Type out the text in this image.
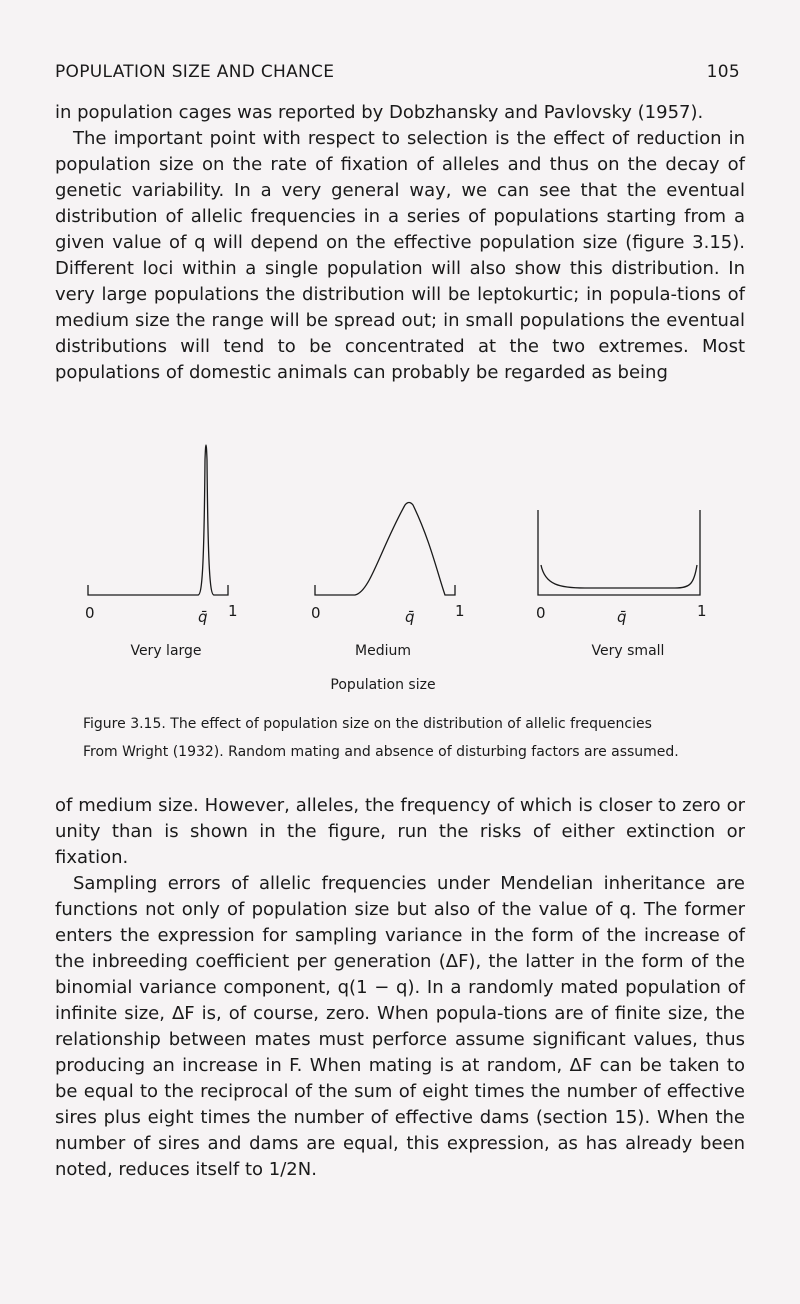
POPULATION SIZE AND CHANCE	105

in population cages was reported by Dobzhansky and Pavlovsky (1957).

The important point with respect to selection is the effect of reduction in population size on the rate of fixation of alleles and thus on the decay of genetic variability. In a very general way, we can see that the eventual distribution of allelic frequencies in a series of populations starting from a given value of q will depend on the effective population size (figure 3.15). Different loci within a single population will also show this distribution. In very large populations the distribution will be leptokurtic; in popula-tions of medium size the range will be spread out; in small populations the eventual distributions will tend to be concentrated at the two extremes. Most populations of domestic animals can probably be regarded as being

0	q̄ 1	0	q̄	1	0	q̄	1
Very large	Medium	Very small
Population size
Figure 3.15. The effect of population size on the distribution of allelic frequencies
From Wright (1932). Random mating and absence of disturbing factors are assumed.

of medium size. However, alleles, the frequency of which is closer to zero or unity than is shown in the figure, run the risks of either extinction or fixation.

Sampling errors of allelic frequencies under Mendelian inheritance are functions not only of population size but also of the value of q. The former enters the expression for sampling variance in the form of the increase of the inbreeding coefficient per generation (ΔF), the latter in the form of the binomial variance component, q(1 − q). In a randomly mated population of infinite size, ΔF is, of course, zero. When popula-tions are of finite size, the relationship between mates must perforce assume significant values, thus producing an increase in F. When mating is at random, ΔF can be taken to be equal to the reciprocal of the sum of eight times the number of effective sires plus eight times the number of effective dams (section 15). When the number of sires and dams are equal, this expression, as has already been noted, reduces itself to 1/2N.
